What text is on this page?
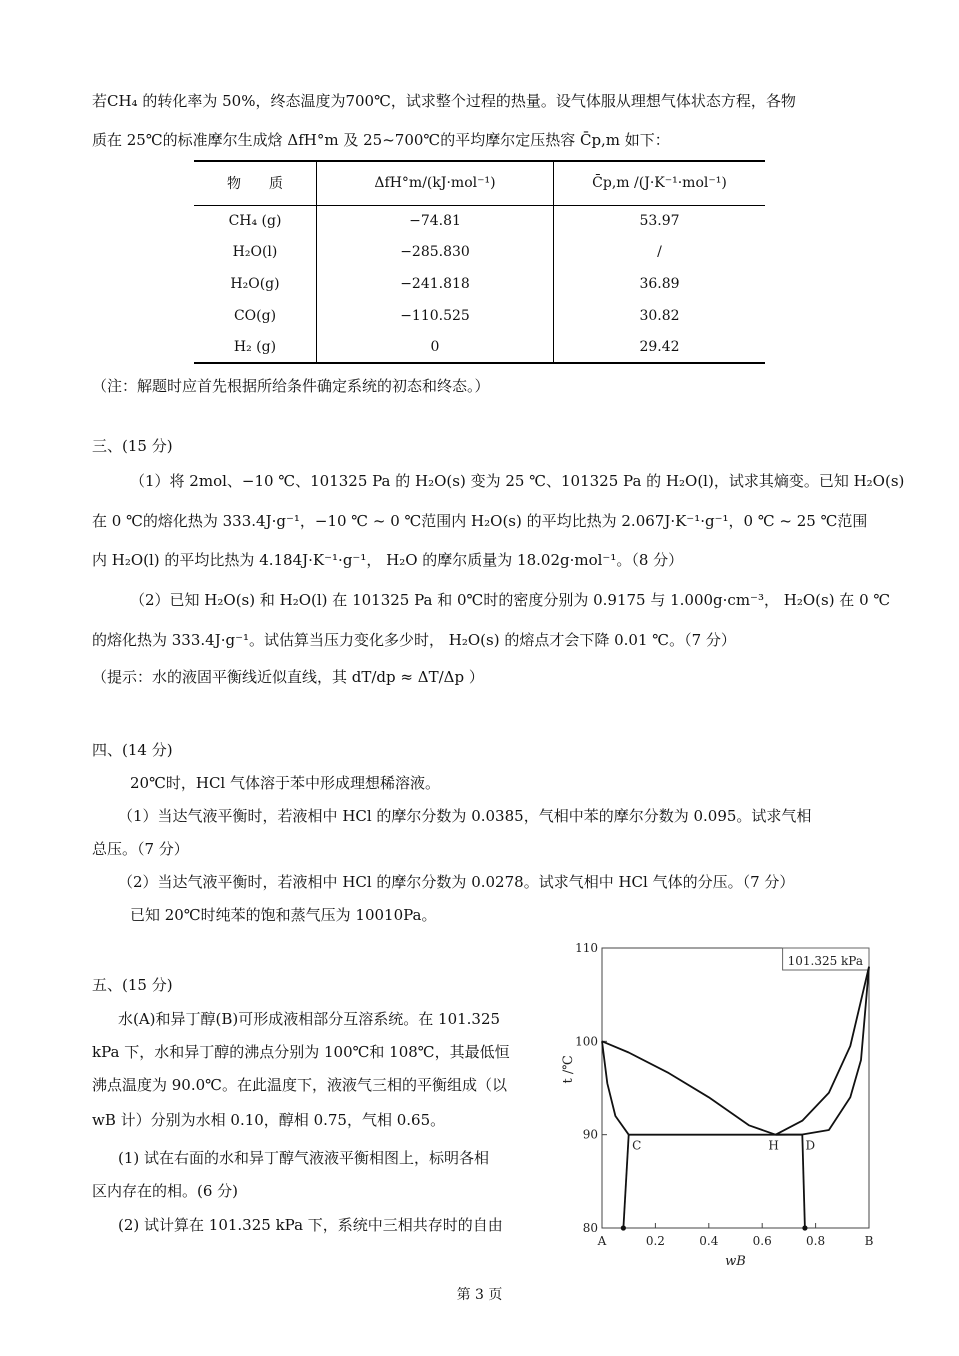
若CH₄ 的转化率为 50%，终态温度为700℃，试求整个过程的热量。设气体服从理想气体状态方程，各物
质在 25℃的标准摩尔生成焓 ΔfH°m 及 25~700℃的平均摩尔定压热容 C̄p,m 如下：
物　　质	ΔfH°m/(kJ·mol⁻¹)	C̄p,m /(J·K⁻¹·mol⁻¹)
CH₄ (g)	−74.81	53.97
H₂O(l)	−285.830	/
H₂O(g)	−241.818	36.89
CO(g)	−110.525	30.82
H₂ (g)	0	29.42
（注：解题时应首先根据所给条件确定系统的初态和终态。）
三、(15 分)
（1）将 2mol、−10 ℃、101325 Pa 的 H₂O(s) 变为 25 ℃、101325 Pa 的 H₂O(l)，试求其熵变。已知 H₂O(s)
在 0 ℃的熔化热为 333.4J·g⁻¹，−10 ℃ ~ 0 ℃范围内 H₂O(s) 的平均比热为 2.067J·K⁻¹·g⁻¹，0 ℃ ~ 25 ℃范围
内 H₂O(l) 的平均比热为 4.184J·K⁻¹·g⁻¹， H₂O 的摩尔质量为 18.02g·mol⁻¹。（8 分）
（2）已知 H₂O(s) 和 H₂O(l) 在 101325 Pa 和 0℃时的密度分别为 0.9175 与 1.000g·cm⁻³， H₂O(s) 在 0 ℃
的熔化热为 333.4J·g⁻¹。试估算当压力变化多少时， H₂O(s) 的熔点才会下降 0.01 ℃。（7 分）
（提示：水的液固平衡线近似直线，其 dT/dp ≈ ΔT/Δp ）
四、(14 分)
20℃时，HCl 气体溶于苯中形成理想稀溶液。
（1）当达气液平衡时，若液相中 HCl 的摩尔分数为 0.0385，气相中苯的摩尔分数为 0.095。试求气相
总压。（7 分）
（2）当达气液平衡时，若液相中 HCl 的摩尔分数为 0.0278。试求气相中 HCl 气体的分压。（7 分）
已知 20℃时纯苯的饱和蒸气压为 10010Pa。
五、(15 分)
水(A)和异丁醇(B)可形成液相部分互溶系统。在 101.325
kPa 下，水和异丁醇的沸点分别为 100℃和 108℃，其最低恒
沸点温度为 90.0℃。在此温度下，液液气三相的平衡组成（以
wB 计）分别为水相 0.10，醇相 0.75，气相 0.65。
(1) 试在右面的水和异丁醇气液液平衡相图上，标明各相
区内存在的相。(6 分)
(2) 试计算在 101.325 kPa 下，系统中三相共存时的自由
101.325 kPa
80
90
100
110
A	0.2	0.4	0.6	0.8	B
wB
t /℃
C	H D
第 3 页
